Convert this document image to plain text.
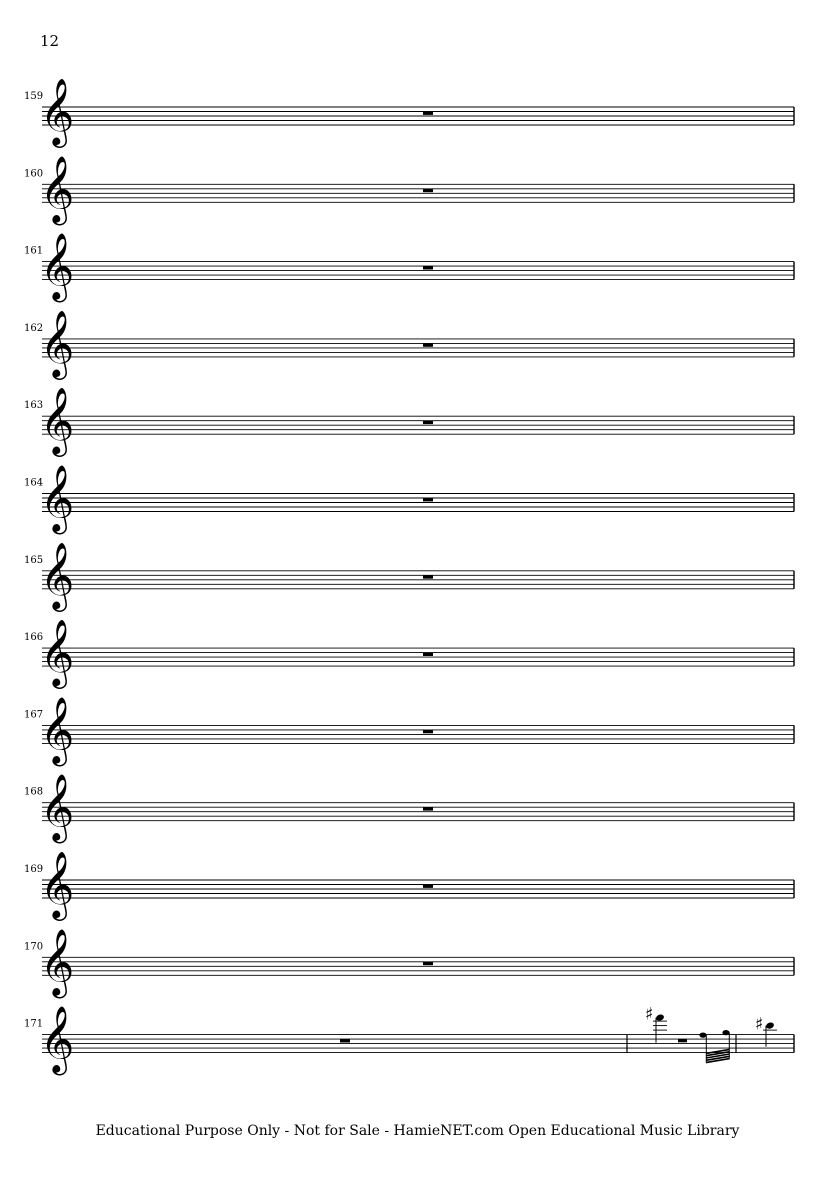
12
159
𝄞
160
𝄞
161
𝄞
162
𝄞
163
𝄞
164
𝄞
165
𝄞
166
𝄞
167
𝄞
168
𝄞
169
𝄞
170
𝄞
171
𝄞	♯	♯
Educational Purpose Only - Not for Sale - HamieNET.com Open Educational Music Library
